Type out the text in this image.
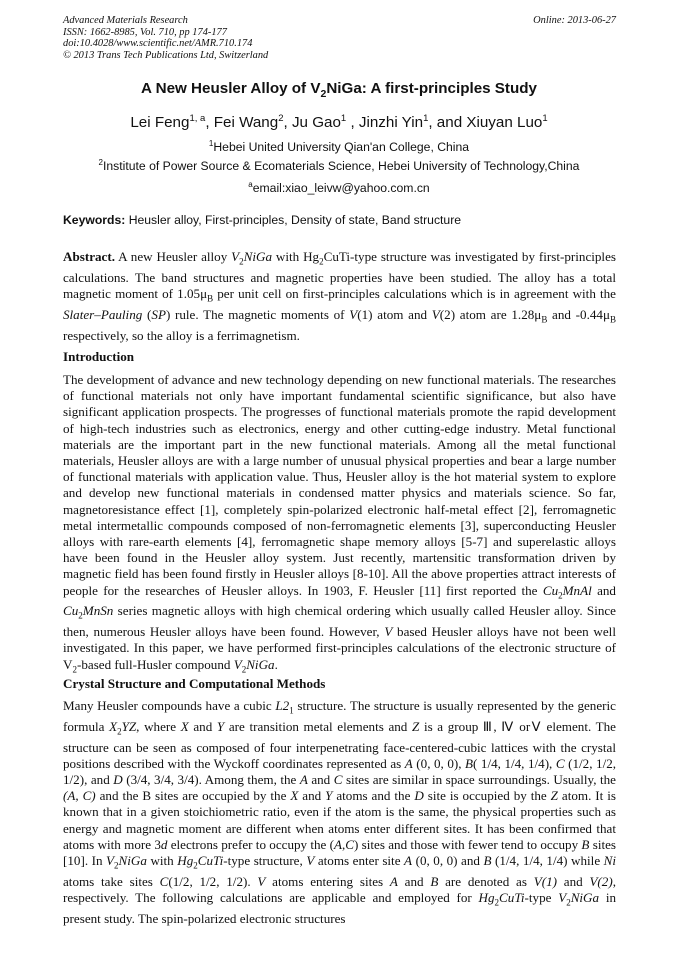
Advanced Materials Research	Online: 2013-06-27
ISSN: 1662-8985, Vol. 710, pp 174-177
doi:10.4028/www.scientific.net/AMR.710.174
© 2013 Trans Tech Publications Ltd, Switzerland
A New Heusler Alloy of $V_2NiGa$: A first-principles Study
Lei Feng$^{1, a}$, Fei Wang$^2$, Ju Gao$^1$ , Jinzhi Yin$^1$, and Xiuyan Luo$^1$
$^1$Hebei United University Qian'an College, China
$^2$Institute of Power Source & Ecomaterials Science, Hebei University of Technology,China
$^a$email:xiao_leivw@yahoo.com.cn
Keywords: Heusler alloy, First-principles, Density of state, Band structure
Abstract. A new Heusler alloy $V_2NiGa$ with $Hg_2CuTi$-type structure was investigated by first-principles calculations. The band structures and magnetic properties have been studied. The alloy has a total magnetic moment of $1.05\mu_B$ per unit cell on first-principles calculations which is in agreement with the Slater–Pauling (SP) rule. The magnetic moments of V(1) atom and V(2) atom are $1.28\mu_B$ and $-0.44\mu_B$ respectively, so the alloy is a ferrimagnetism.
Introduction
The development of advance and new technology depending on new functional materials. The researches of functional materials not only have important fundamental scientific significance, but also have significant application prospects. The progresses of functional materials promote the rapid development of high-tech industries such as electronics, energy and other cutting-edge industry. Metal functional materials are the important part in the new functional materials. Among all the metal functional materials, Heusler alloys are with a large number of unusual physical properties and bear a large number of functional materials with application value. Thus, Heusler alloy is the hot material system to explore and develop new functional materials in condensed matter physics and materials science. So far, magnetoresistance effect [1], completely spin-polarized electronic half-metal effect [2], ferromagnetic metal intermetallic compounds composed of non-ferromagnetic elements [3], superconducting Heusler alloys with rare-earth elements [4], ferromagnetic shape memory alloys [5-7] and superelastic alloys have been found in the Heusler alloy system. Just recently, martensitic transformation driven by magnetic field has been found firstly in Heusler alloys [8-10]. All the above properties attract interests of people for the researches of Heusler alloys. In 1903, F. Heusler [11] first reported the $Cu_2MnAl$ and $Cu_2MnSn$ series magnetic alloys with high chemical ordering which usually called Heusler alloy. Since then, numerous Heusler alloys have been found. However, V based Heusler alloys have not been well investigated. In this paper, we have performed first-principles calculations of the electronic structure of $V_2$-based full-Husler compound $V_2NiGa$.
Crystal Structure and Computational Methods
Many Heusler compounds have a cubic $L2_1$ structure. The structure is usually represented by the generic formula $X_2YZ$, where X and Y are transition metal elements and Z is a group Ⅲ, Ⅳ orⅤ element. The structure can be seen as composed of four interpenetrating face-centered-cubic lattices with the crystal positions described with the Wyckoff coordinates represented as A (0, 0, 0), B( 1/4, 1/4, 1/4), C (1/2, 1/2, 1/2), and D (3/4, 3/4, 3/4). Among them, the A and C sites are similar in space surroundings. Usually, the (A, C) and the B sites are occupied by the X and Y atoms and the D site is occupied by the Z atom. It is known that in a given stoichiometric ratio, even if the atom is the same, the physical properties such as energy and magnetic moment are different when atoms enter different sites. It has been confirmed that atoms with more 3d electrons prefer to occupy the (A,C) sites and those with fewer tend to occupy B sites [10]. In $V_2NiGa$ with $Hg_2CuTi$-type structure, V atoms enter site A (0, 0, 0) and B (1/4, 1/4, 1/4) while Ni atoms take sites C(1/2, 1/2, 1/2). V atoms entering sites A and B are denoted as V(1) and V(2), respectively. The following calculations are applicable and employed for $Hg_2CuTi$-type $V_2NiGa$ in present study. The spin-polarized electronic structures
